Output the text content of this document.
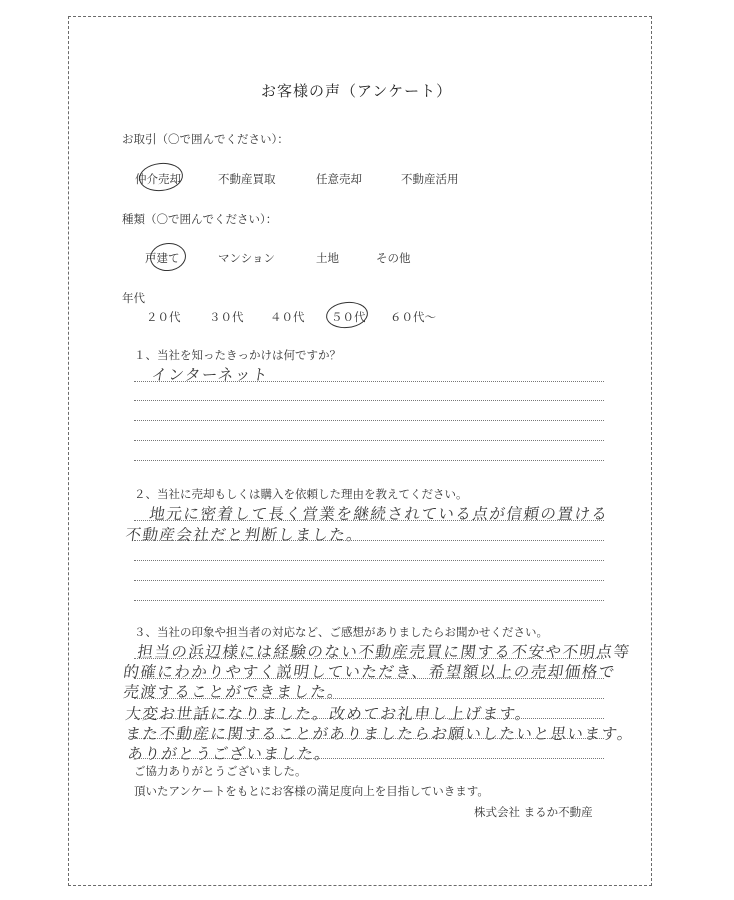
お客様の声（アンケート）
お取引（〇で囲んでください）：
仲介売却	不動産買取	任意売却	不動産活用
種類（〇で囲んでください）：
戸建て	マンション	土地	その他
年代
２０代 ３０代 ４０代 ５０代 ６０代～
１、当社を知ったきっかけは何ですか？
インターネット
２、当社に売却もしくは購入を依頼した理由を教えてください。
地元に密着して長く営業を継続されている点が信頼の置ける
不動産会社だと判断しました。
３、当社の印象や担当者の対応など、ご感想がありましたらお聞かせください。
担当の浜辺様には経験のない不動産売買に関する不安や不明点等
的確にわかりやすく説明していただき、希望額以上の売却価格で
売渡することができました。
大変お世話になりました。改めてお礼申し上げます。
また不動産に関することがありましたらお願いしたいと思います。
ありがとうございました。
ご協力ありがとうございました。
頂いたアンケートをもとにお客様の満足度向上を目指していきます。
株式会社 まるか不動産
